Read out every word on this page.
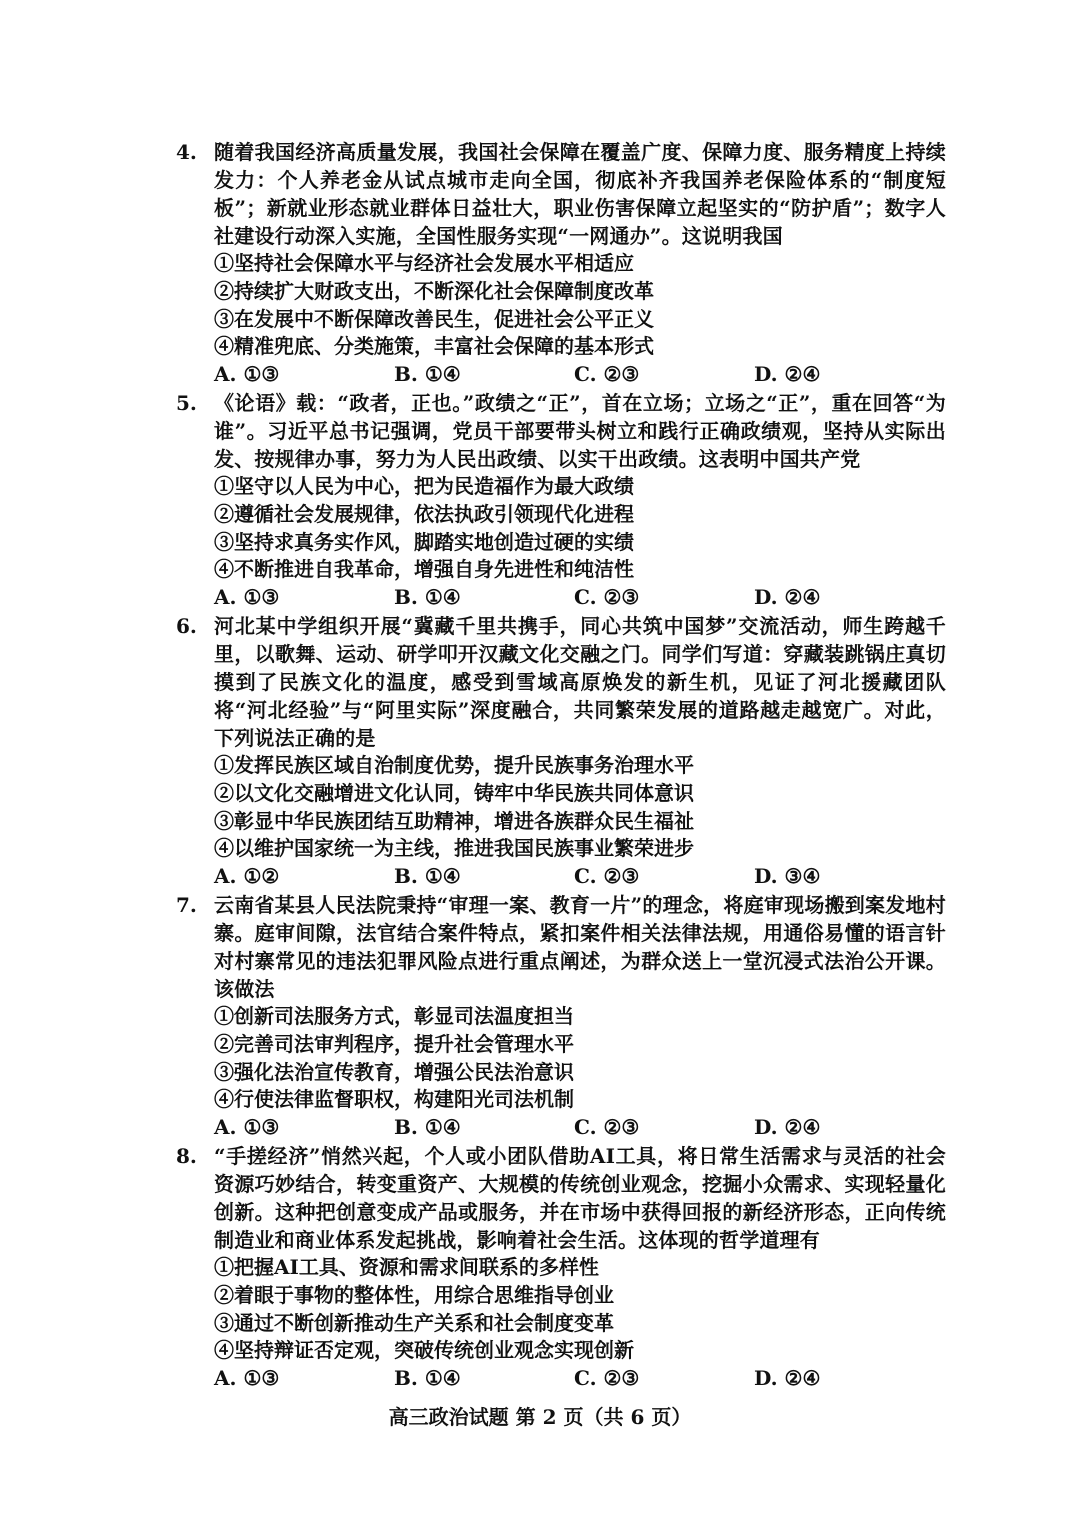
4. 随着我国经济高质量发展，我国社会保障在覆盖广度、保障力度、服务精度上持续发力：个人养老金从试点城市走向全国，彻底补齐我国养老保险体系的“制度短板”；新就业形态就业群体日益壮大，职业伤害保障立起坚实的“防护盾”；数字人社建设行动深入实施，全国性服务实现“一网通办”。这说明我国
①坚持社会保障水平与经济社会发展水平相适应
②持续扩大财政支出，不断深化社会保障制度改革
③在发展中不断保障改善民生，促进社会公平正义
④精准兜底、分类施策，丰富社会保障的基本形式
A. ①③	B. ①④	C. ②③	D. ②④
5. 《论语》载：“政者，正也。”政绩之“正”，首在立场；立场之“正”，重在回答“为谁”。习近平总书记强调，党员干部要带头树立和践行正确政绩观，坚持从实际出发、按规律办事，努力为人民出政绩、以实干出政绩。这表明中国共产党
①坚守以人民为中心，把为民造福作为最大政绩
②遵循社会发展规律，依法执政引领现代化进程
③坚持求真务实作风，脚踏实地创造过硬的实绩
④不断推进自我革命，增强自身先进性和纯洁性
A. ①③	B. ①④	C. ②③	D. ②④
6. 河北某中学组织开展“冀藏千里共携手，同心共筑中国梦”交流活动，师生跨越千里，以歌舞、运动、研学叩开汉藏文化交融之门。同学们写道：穿藏装跳锅庄真切摸到了民族文化的温度，感受到雪域高原焕发的新生机，见证了河北援藏团队将“河北经验”与“阿里实际”深度融合，共同繁荣发展的道路越走越宽广。对此，下列说法正确的是
①发挥民族区域自治制度优势，提升民族事务治理水平
②以文化交融增进文化认同，铸牢中华民族共同体意识
③彰显中华民族团结互助精神，增进各族群众民生福祉
④以维护国家统一为主线，推进我国民族事业繁荣进步
A. ①②	B. ①④	C. ②③	D. ③④
7. 云南省某县人民法院秉持“审理一案、教育一片”的理念，将庭审现场搬到案发地村寨。庭审间隙，法官结合案件特点，紧扣案件相关法律法规，用通俗易懂的语言针对村寨常见的违法犯罪风险点进行重点阐述，为群众送上一堂沉浸式法治公开课。该做法
①创新司法服务方式，彰显司法温度担当
②完善司法审判程序，提升社会管理水平
③强化法治宣传教育，增强公民法治意识
④行使法律监督职权，构建阳光司法机制
A. ①③	B. ①④	C. ②③	D. ②④
8. “手搓经济”悄然兴起，个人或小团队借助AI工具，将日常生活需求与灵活的社会资源巧妙结合，转变重资产、大规模的传统创业观念，挖掘小众需求、实现轻量化创新。这种把创意变成产品或服务，并在市场中获得回报的新经济形态，正向传统制造业和商业体系发起挑战，影响着社会生活。这体现的哲学道理有
①把握AI工具、资源和需求间联系的多样性
②着眼于事物的整体性，用综合思维指导创业
③通过不断创新推动生产关系和社会制度变革
④坚持辩证否定观，突破传统创业观念实现创新
A. ①③	B. ①④	C. ②③	D. ②④
高三政治试题 第 2 页（共 6 页）
